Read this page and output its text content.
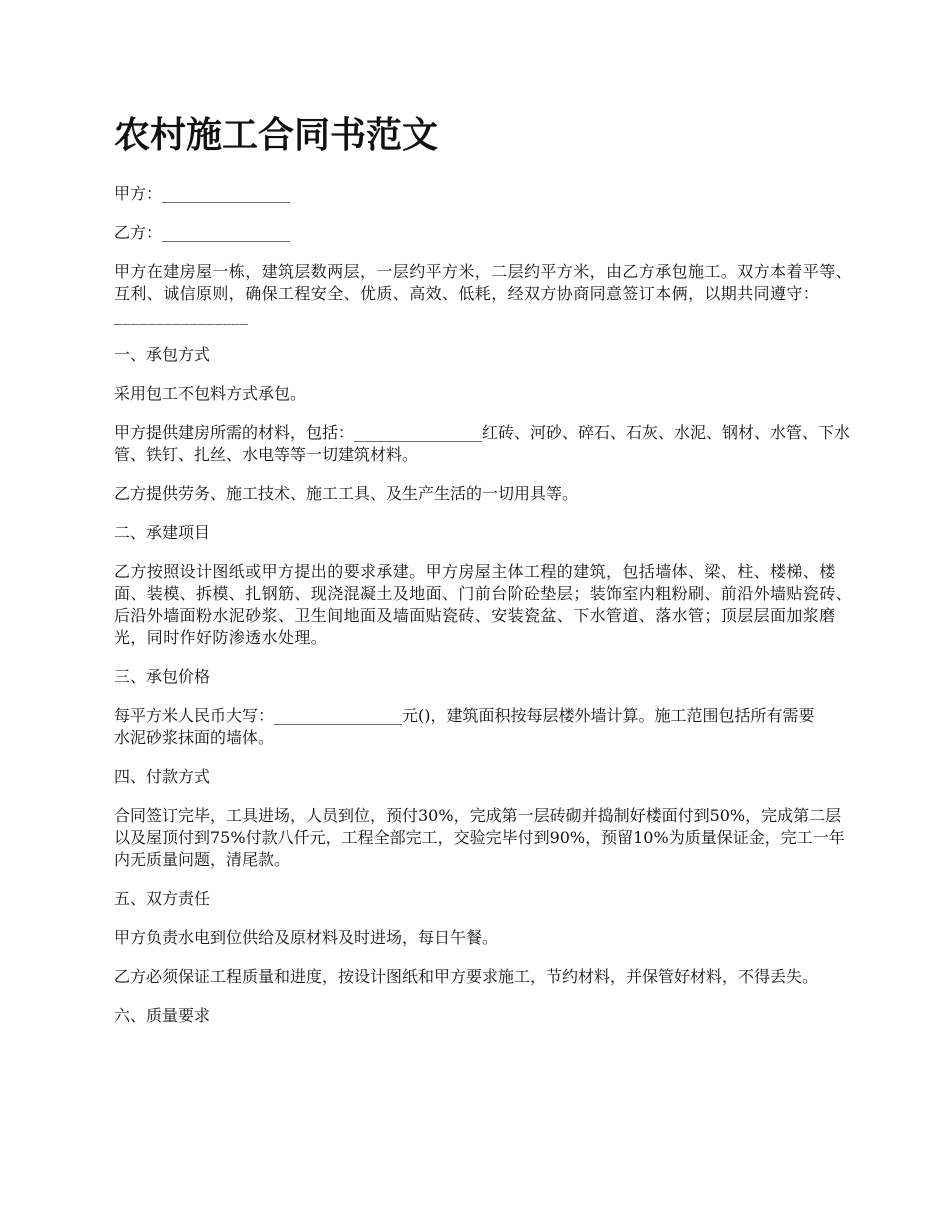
农村施工合同书范文

甲方：________________

乙方：________________

甲方在建房屋一栋，建筑层数两层，一层约平方米，二层约平方米，由乙方承包施工。双方本着平等、互利、诚信原则，确保工程安全、优质、高效、低耗，经双方协商同意签订本俩，以期共同遵守：________________

一、承包方式

采用包工不包料方式承包。

甲方提供建房所需的材料，包括：________________红砖、河砂、碎石、石灰、水泥、钢材、水管、下水管、铁钉、扎丝、水电等等一切建筑材料。

乙方提供劳务、施工技术、施工工具、及生产生活的一切用具等。

二、承建项目

乙方按照设计图纸或甲方提出的要求承建。甲方房屋主体工程的建筑，包括墙体、梁、柱、楼梯、楼面、装模、拆模、扎钢筋、现浇混凝土及地面、门前台阶砼垫层；装饰室内粗粉刷、前沿外墙贴瓷砖、后沿外墙面粉水泥砂浆、卫生间地面及墙面贴瓷砖、安装瓷盆、下水管道、落水管；顶层层面加浆磨光，同时作好防渗透水处理。

三、承包价格

每平方米人民币大写：________________元()，建筑面积按每层楼外墙计算。施工范围包括所有需要水泥砂浆抹面的墙体。

四、付款方式

合同签订完毕，工具进场，人员到位，预付30%，完成第一层砖砌并捣制好楼面付到50%，完成第二层以及屋顶付到75%付款八仟元，工程全部完工，交验完毕付到90%，预留10%为质量保证金，完工一年内无质量问题，清尾款。

五、双方责任

甲方负责水电到位供给及原材料及时进场，每日午餐。

乙方必须保证工程质量和进度，按设计图纸和甲方要求施工，节约材料，并保管好材料，不得丢失。

六、质量要求
